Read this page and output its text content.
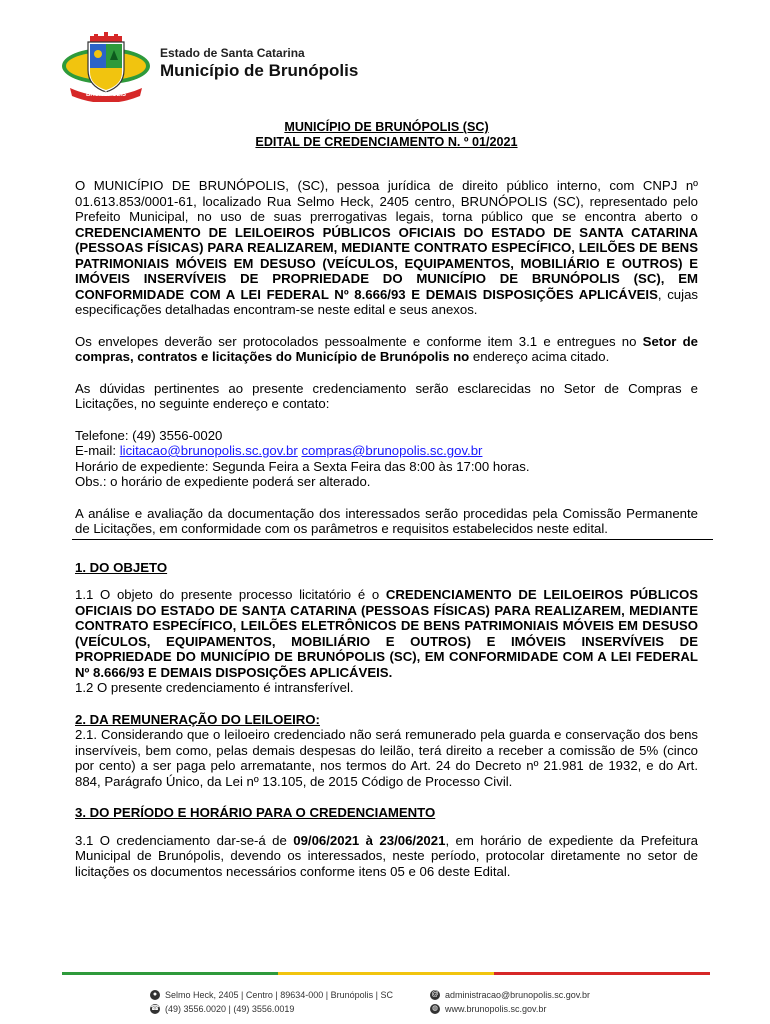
BRUNÓPOLIS
Estado de Santa Catarina
Município de Brunópolis
MUNICÍPIO DE BRUNÓPOLIS (SC)
EDITAL DE CREDENCIAMENTO N. º 01/2021

O MUNICÍPIO DE BRUNÓPOLIS, (SC), pessoa jurídica de direito público interno, com CNPJ nº 01.613.853/0001-61, localizado Rua Selmo Heck, 2405 centro, BRUNÓPOLIS (SC), representado pelo Prefeito Municipal, no uso de suas prerrogativas legais, torna público que se encontra aberto o CREDENCIAMENTO DE LEILOEIROS PÚBLICOS OFICIAIS DO ESTADO DE SANTA CATARINA (PESSOAS FÍSICAS) PARA REALIZAREM, MEDIANTE CONTRATO ESPECÍFICO, LEILÕES DE BENS PATRIMONIAIS MÓVEIS EM DESUSO (VEÍCULOS, EQUIPAMENTOS, MOBILIÁRIO E OUTROS) E IMÓVEIS INSERVÍVEIS DE PROPRIEDADE DO MUNICÍPIO DE BRUNÓPOLIS (SC), EM CONFORMIDADE COM A LEI FEDERAL Nº 8.666/93 E DEMAIS DISPOSIÇÕES APLICÁVEIS, cujas especificações detalhadas encontram-se neste edital e seus anexos.

Os envelopes deverão ser protocolados pessoalmente e conforme item 3.1 e entregues no Setor de compras, contratos e licitações do Município de Brunópolis no endereço acima citado.

As dúvidas pertinentes ao presente credenciamento serão esclarecidas no Setor de Compras e Licitações, no seguinte endereço e contato:

Telefone: (49) 3556-0020
E-mail: licitacao@brunopolis.sc.gov.br compras@brunopolis.sc.gov.br
Horário de expediente: Segunda Feira a Sexta Feira das 8:00 às 17:00 horas.
Obs.: o horário de expediente poderá ser alterado.

A análise e avaliação da documentação dos interessados serão procedidas pela Comissão Permanente de Licitações, em conformidade com os parâmetros e requisitos estabelecidos neste edital.

1. DO OBJETO

1.1 O objeto do presente processo licitatório é o CREDENCIAMENTO DE LEILOEIROS PÚBLICOS OFICIAIS DO ESTADO DE SANTA CATARINA (PESSOAS FÍSICAS) PARA REALIZAREM, MEDIANTE CONTRATO ESPECÍFICO, LEILÕES ELETRÔNICOS DE BENS PATRIMONIAIS MÓVEIS EM DESUSO (VEÍCULOS, EQUIPAMENTOS, MOBILIÁRIO E OUTROS) E IMÓVEIS INSERVÍVEIS DE PROPRIEDADE DO MUNICÍPIO DE BRUNÓPOLIS (SC), EM CONFORMIDADE COM A LEI FEDERAL Nº 8.666/93 E DEMAIS DISPOSIÇÕES APLICÁVEIS.

1.2 O presente credenciamento é intransferível.

2. DA REMUNERAÇÃO DO LEILOEIRO:

2.1. Considerando que o leiloeiro credenciado não será remunerado pela guarda e conservação dos bens inservíveis, bem como, pelas demais despesas do leilão, terá direito a receber a comissão de 5% (cinco por cento) a ser paga pelo arrematante, nos termos do Art. 24 do Decreto nº 21.981 de 1932, e do Art. 884, Parágrafo Único, da Lei nº 13.105, de 2015 Código de Processo Civil.

3. DO PERÍODO E HORÁRIO PARA O CREDENCIAMENTO

3.1 O credenciamento dar-se-á de 09/06/2021 à 23/06/2021, em horário de expediente da Prefeitura Municipal de Brunópolis, devendo os interessados, neste período, protocolar diretamente no setor de licitações os documentos necessários conforme itens 05 e 06 deste Edital.

● Selmo Heck, 2405 | Centro | 89634-000 | Brunópolis | SC
☎ (49) 3556.0020 | (49) 3556.0019
@ administracao@brunopolis.sc.gov.br
◍ www.brunopolis.sc.gov.br
